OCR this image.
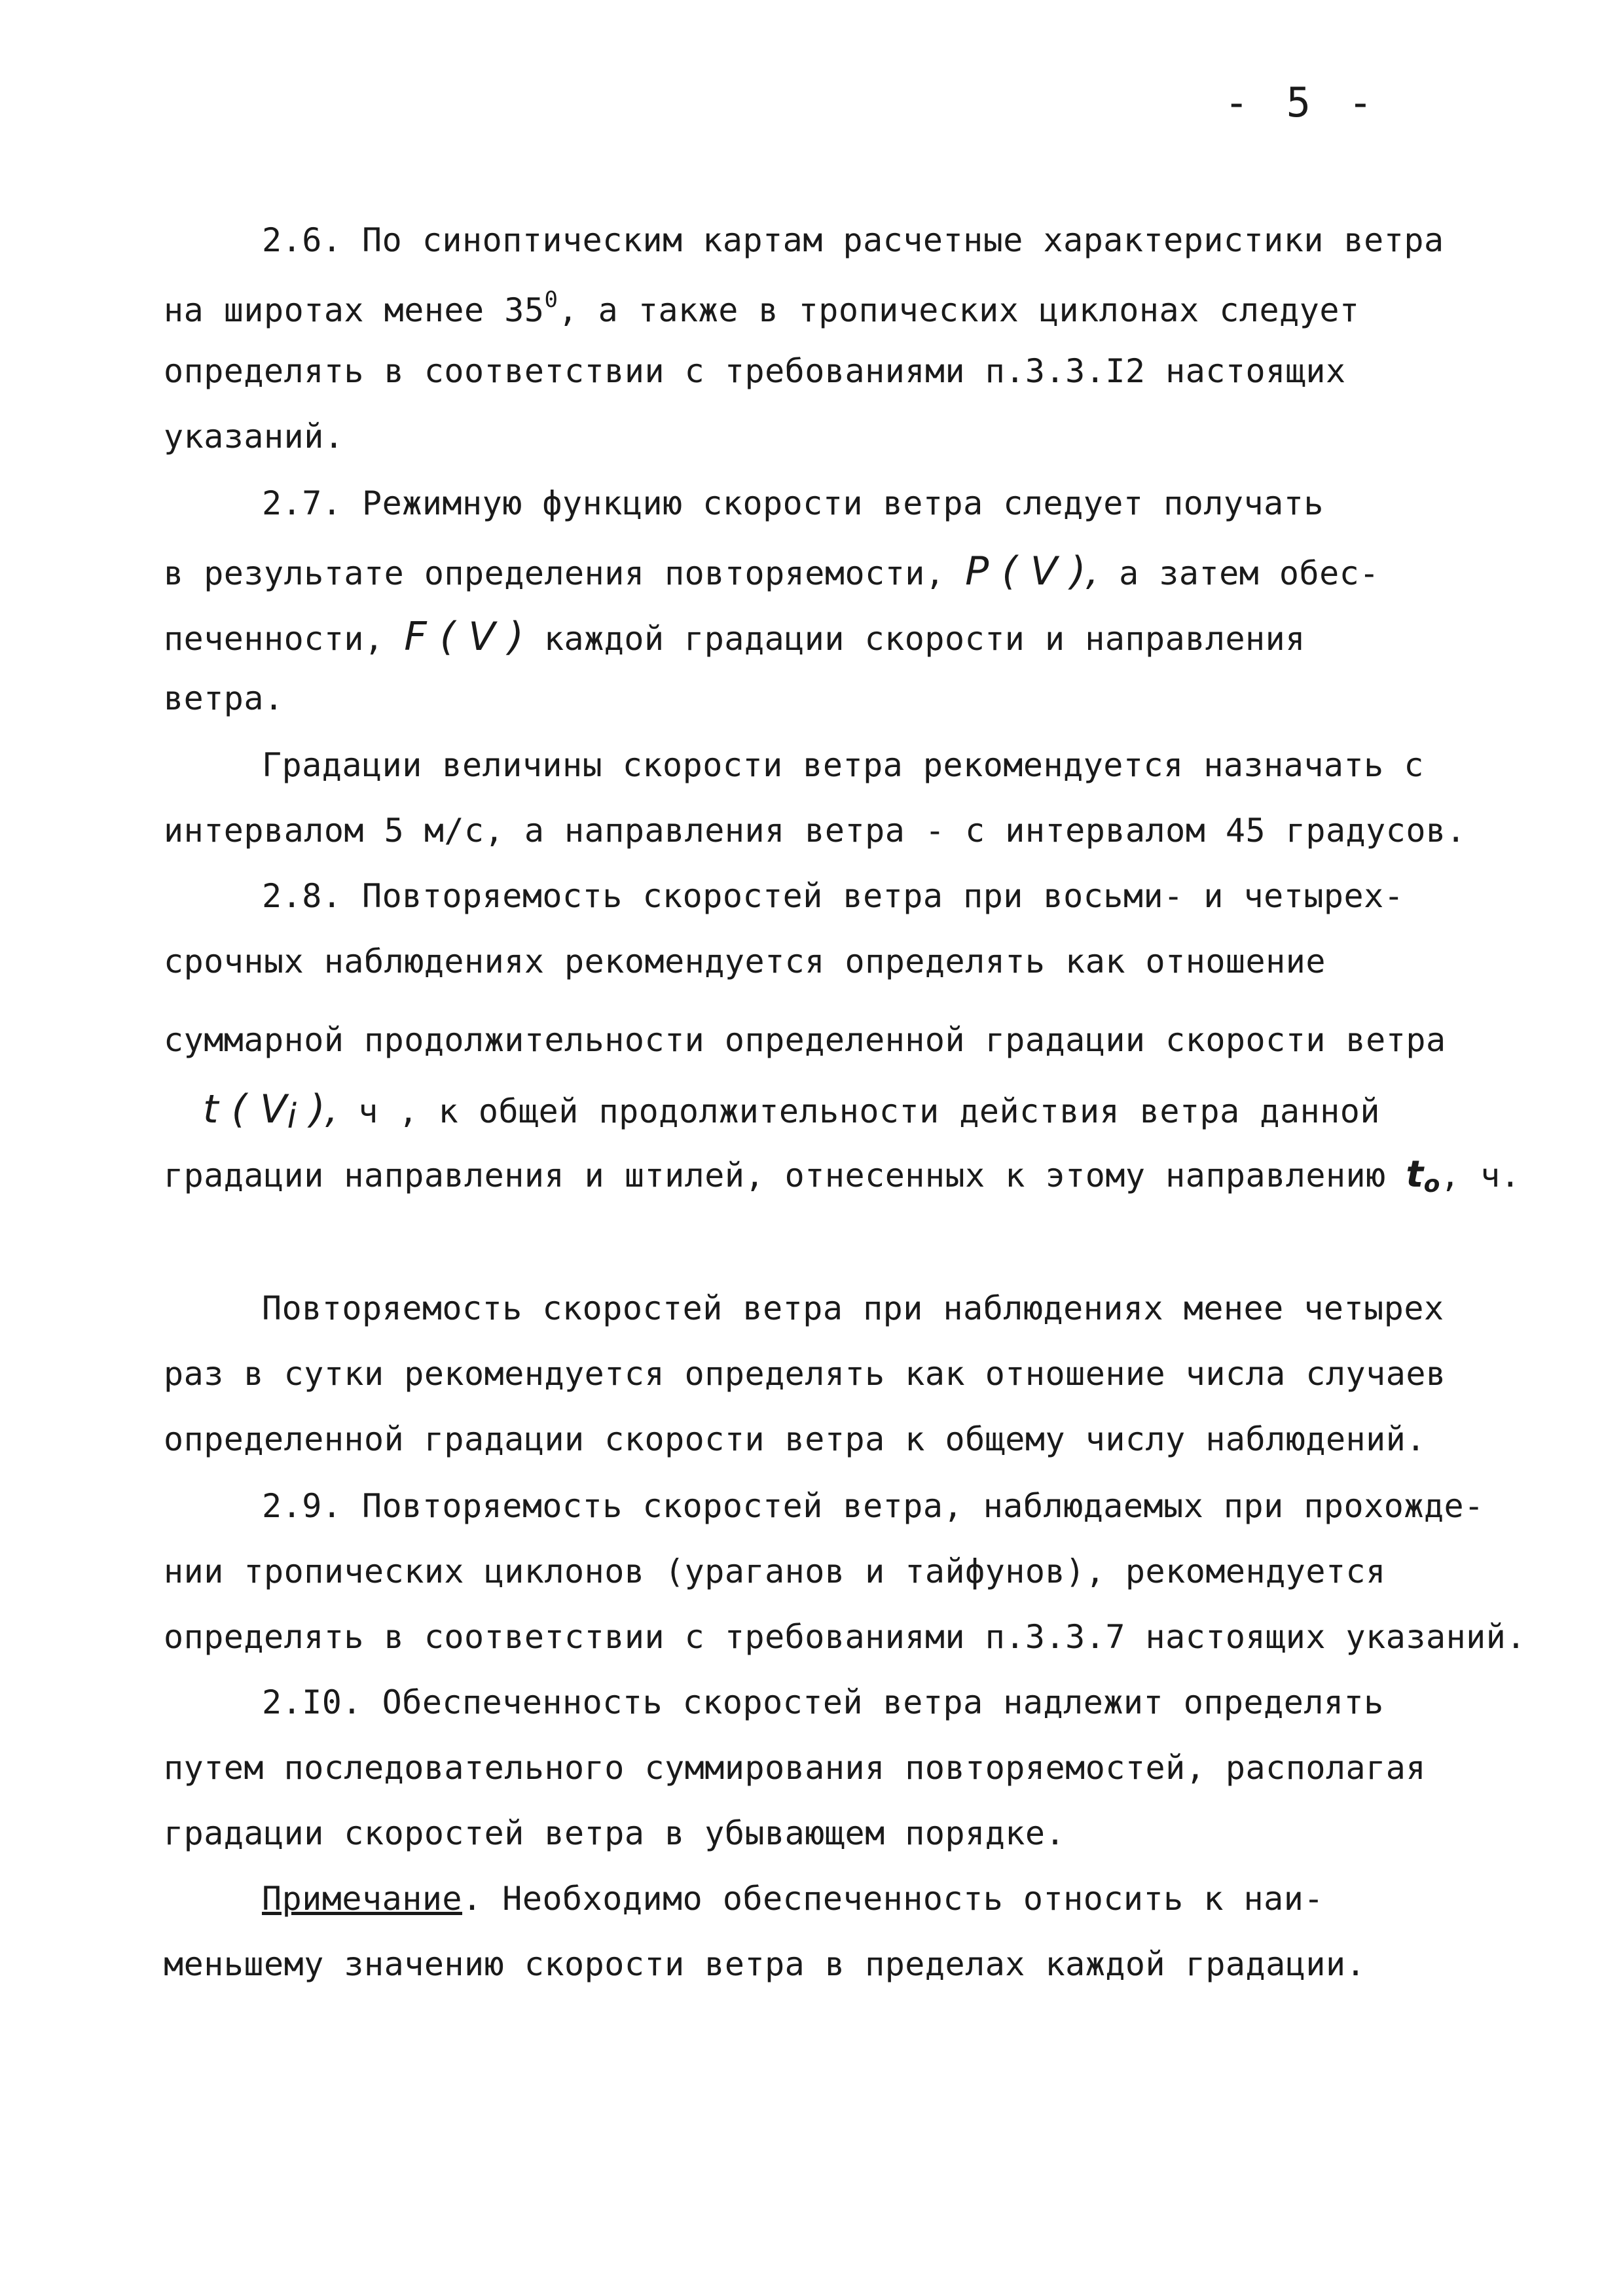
- 5 -
2.6. По синоптическим картам расчетные характеристики ветра
на широтах менее $35^0$, а также в тропических циклонах следует
определять в соответствии с требованиями п.3.3.I2 настоящих
указаний.
2.7. Режимную функцию скорости ветра следует получать
в результате определения повторяемости, P ( V ), а затем обес-
печенности, F ( V ) каждой градации скорости и направления
ветра.
Градации величины скорости ветра рекомендуется назначать с
интервалом 5 м/с, а направления ветра - с интервалом 45 градусов.
2.8. Повторяемость скоростей ветра при восьми- и четырех-
срочных наблюдениях рекомендуется определять как отношение
суммарной продолжительности определенной градации скорости ветра
t ( $V_i$ ), ч , к общей продолжительности действия ветра данной
градации направления и штилей, отнесенных к этому направлению $t_o$, ч.
Повторяемость скоростей ветра при наблюдениях менее четырех
раз в сутки рекомендуется определять как отношение числа случаев
определенной градации скорости ветра к общему числу наблюдений.
2.9. Повторяемость скоростей ветра, наблюдаемых при прохожде-
нии тропических циклонов (ураганов и тайфунов), рекомендуется
определять в соответствии с требованиями п.3.3.7 настоящих указаний.
2.I0. Обеспеченность скоростей ветра надлежит определять
путем последовательного суммирования повторяемостей, располагая
градации скоростей ветра в убывающем порядке.
Примечание. Необходимо обеспеченность относить к наи-
меньшему значению скорости ветра в пределах каждой градации.
